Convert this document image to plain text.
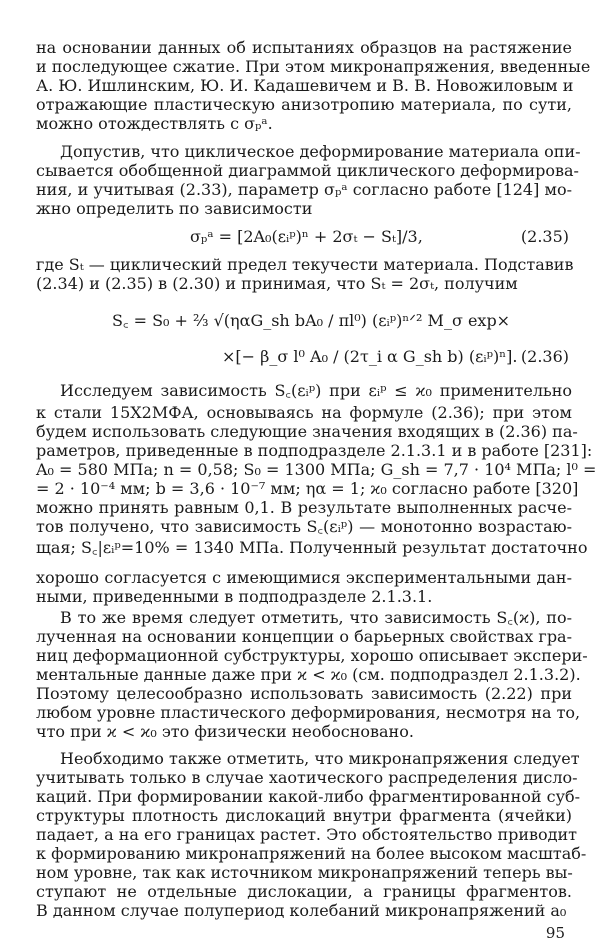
на основании данных об испытаниях образцов на растяжение
и последующее сжатие. При этом микронапряжения, введенные
А. Ю. Ишлинским, Ю. И. Кадашевичем и В. В. Новожиловым и
отражающие пластическую анизотропию материала, по сути,
можно отождествлять с σₚᵃ.
Допустив, что циклическое деформирование материала опи-
сывается обобщенной диаграммой циклического деформирова-
ния, и учитывая (2.33), параметр σₚᵃ согласно работе [124] мо-
жно определить по зависимости
σₚᵃ = [2A₀(εᵢᵖ)ⁿ + 2σₜ − Sₜ]/3,	(2.35)
где Sₜ — циклический предел текучести материала. Подставив
(2.34) и (2.35) в (2.30) и принимая, что Sₜ = 2σₜ, получим
S꜀ = S₀ + ²⁄₃ √(ηαG_sh bA₀ / πl⁰) (εᵢᵖ)ⁿᐟ² M_σ exp×
×[− β_σ l⁰ A₀ / (2τ_i α G_sh b) (εᵢᵖ)ⁿ]. (2.36)
Исследуем зависимость S꜀(εᵢᵖ) при εᵢᵖ ≤ ϰ₀ применительно
к стали 15Х2МФА, основываясь на формуле (2.36); при этом
будем использовать следующие значения входящих в (2.36) па-
раметров, приведенные в подподразделе 2.1.3.1 и в работе [231]:
A₀ = 580 МПа; n = 0,58; S₀ = 1300 МПа; G_sh = 7,7 · 10⁴ МПа; l⁰ =
= 2 · 10⁻⁴ мм; b = 3,6 · 10⁻⁷ мм; ηα = 1; ϰ₀ согласно работе [320]
можно принять равным 0,1. В результате выполненных расче-
тов получено, что зависимость S꜀(εᵢᵖ) — монотонно возрастаю-
щая; S꜀|εᵢᵖ=10% = 1340 МПа. Полученный результат достаточно
хорошо согласуется с имеющимися экспериментальными дан-
ными, приведенными в подподразделе 2.1.3.1.
В то же время следует отметить, что зависимость S꜀(ϰ), по-
лученная на основании концепции о барьерных свойствах гра-
ниц деформационной субструктуры, хорошо описывает экспери-
ментальные данные даже при ϰ < ϰ₀ (см. подподраздел 2.1.3.2).
Поэтому целесообразно использовать зависимость (2.22) при
любом уровне пластического деформирования, несмотря на то,
что при ϰ < ϰ₀ это физически необосновано.
Необходимо также отметить, что микронапряжения следует
учитывать только в случае хаотического распределения дисло-
каций. При формировании какой-либо фрагментированной суб-
структуры плотность дислокаций внутри фрагмента (ячейки)
падает, а на его границах растет. Это обстоятельство приводит
к формированию микронапряжений на более высоком масштаб-
ном уровне, так как источником микронапряжений теперь вы-
ступают не отдельные дислокации, а границы фрагментов.
В данном случае полупериод колебаний микронапряжений a₀
95
